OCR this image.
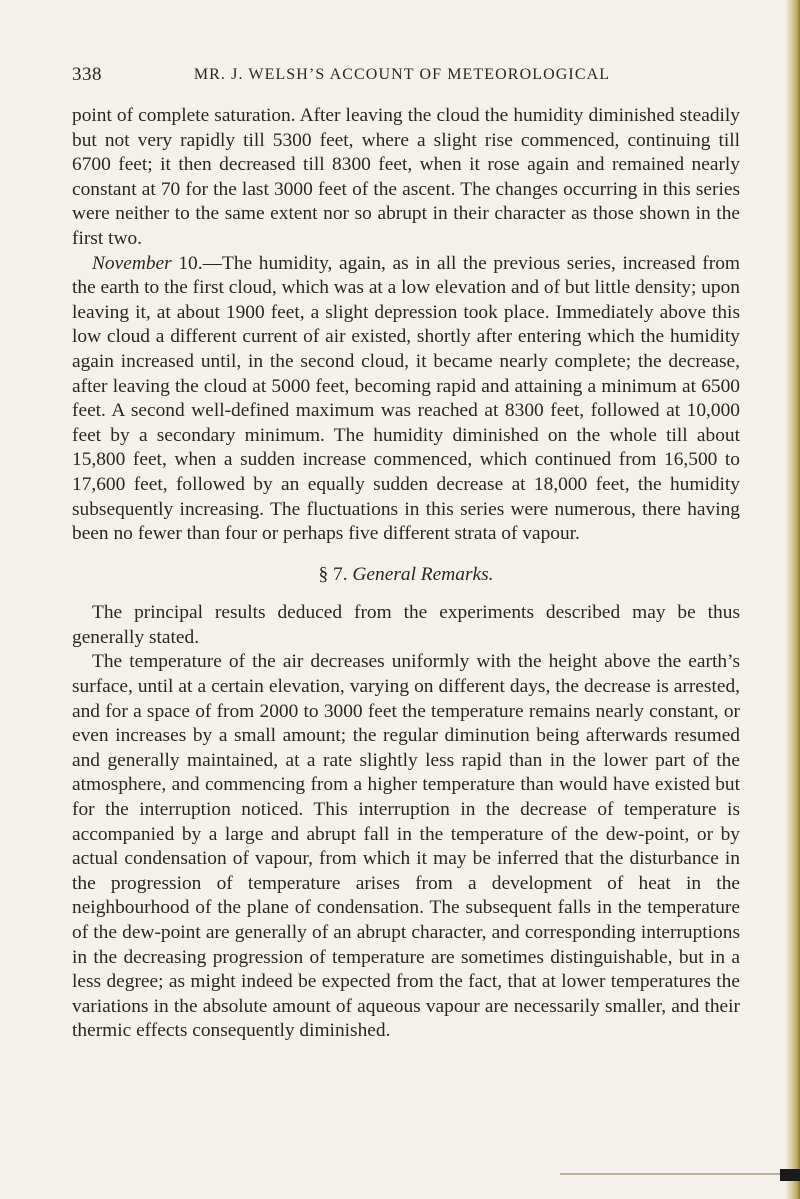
338	MR. J. WELSH’S ACCOUNT OF METEOROLOGICAL

point of complete saturation. After leaving the cloud the humidity diminished steadily but not very rapidly till 5300 feet, where a slight rise commenced, continuing till 6700 feet; it then decreased till 8300 feet, when it rose again and remained nearly constant at 70 for the last 3000 feet of the ascent. The changes occurring in this series were neither to the same extent nor so abrupt in their character as those shown in the first two.

November 10.—The humidity, again, as in all the previous series, increased from the earth to the first cloud, which was at a low elevation and of but little density; upon leaving it, at about 1900 feet, a slight depression took place. Immediately above this low cloud a different current of air existed, shortly after entering which the humidity again increased until, in the second cloud, it became nearly complete; the decrease, after leaving the cloud at 5000 feet, becoming rapid and attaining a minimum at 6500 feet. A second well-defined maximum was reached at 8300 feet, followed at 10,000 feet by a secondary minimum. The humidity diminished on the whole till about 15,800 feet, when a sudden increase commenced, which continued from 16,500 to 17,600 feet, followed by an equally sudden decrease at 18,000 feet, the humidity subsequently increasing. The fluctuations in this series were numerous, there having been no fewer than four or perhaps five different strata of vapour.

§ 7. General Remarks.

The principal results deduced from the experiments described may be thus generally stated.

The temperature of the air decreases uniformly with the height above the earth’s surface, until at a certain elevation, varying on different days, the decrease is arrested, and for a space of from 2000 to 3000 feet the temperature remains nearly constant, or even increases by a small amount; the regular diminution being afterwards resumed and generally maintained, at a rate slightly less rapid than in the lower part of the atmosphere, and commencing from a higher temperature than would have existed but for the interruption noticed. This interruption in the decrease of temperature is accompanied by a large and abrupt fall in the temperature of the dew-point, or by actual condensation of vapour, from which it may be inferred that the disturbance in the progression of temperature arises from a development of heat in the neighbourhood of the plane of condensation. The subsequent falls in the temperature of the dew-point are generally of an abrupt character, and corresponding interruptions in the decreasing progression of temperature are sometimes distinguishable, but in a less degree; as might indeed be expected from the fact, that at lower temperatures the variations in the absolute amount of aqueous vapour are necessarily smaller, and their thermic effects consequently diminished.
